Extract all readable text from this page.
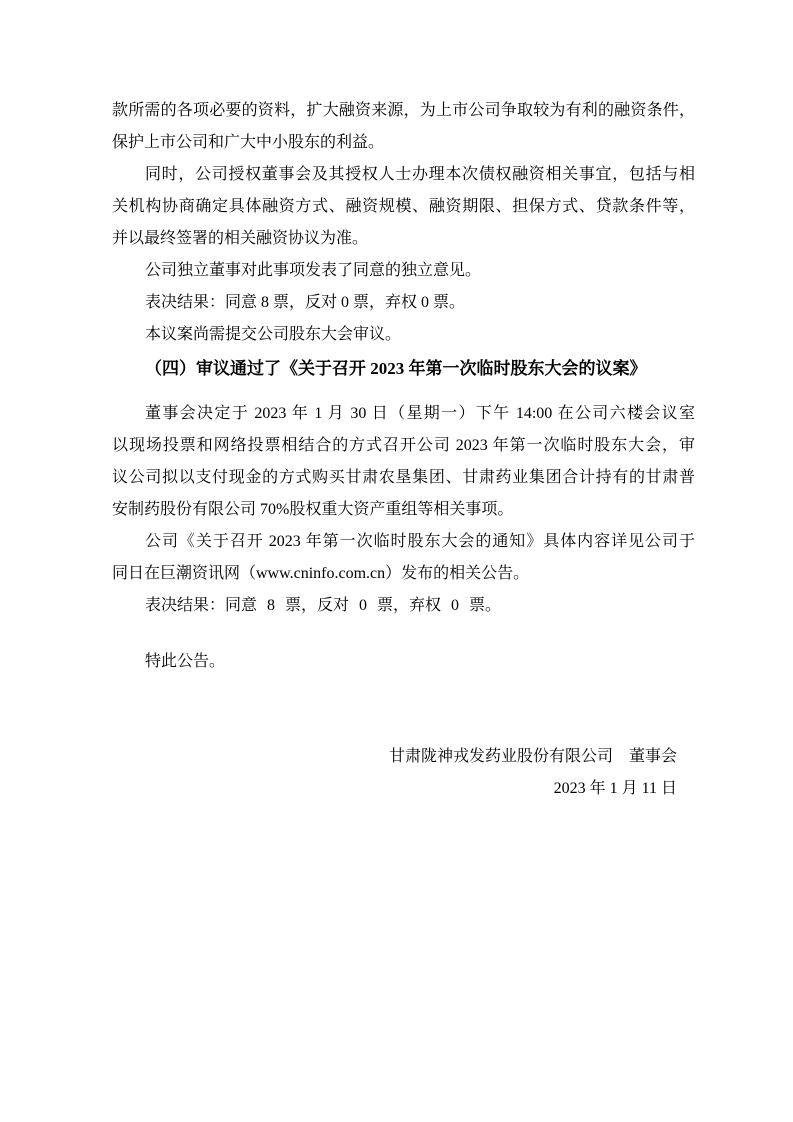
款所需的各项必要的资料，扩大融资来源，为上市公司争取较为有利的融资条件，
保护上市公司和广大中小股东的利益。
同时，公司授权董事会及其授权人士办理本次债权融资相关事宜，包括与相
关机构协商确定具体融资方式、融资规模、融资期限、担保方式、贷款条件等，
并以最终签署的相关融资协议为准。
公司独立董事对此事项发表了同意的独立意见。
表决结果：同意 8 票，反对 0 票，弃权 0 票。
本议案尚需提交公司股东大会审议。
（四）审议通过了《关于召开 2023 年第一次临时股东大会的议案》
董事会决定于 2023 年 1 月 30 日（星期一）下午 14:00 在公司六楼会议室
以现场投票和网络投票相结合的方式召开公司 2023 年第一次临时股东大会，审
议公司拟以支付现金的方式购买甘肃农垦集团、甘肃药业集团合计持有的甘肃普
安制药股份有限公司 70%股权重大资产重组等相关事项。
公司《关于召开 2023 年第一次临时股东大会的通知》具体内容详见公司于
同日在巨潮资讯网（www.cninfo.com.cn）发布的相关公告。
表决结果：同意 8 票，反对 0 票，弃权 0 票。
特此公告。
甘肃陇神戎发药业股份有限公司　董事会
2023 年 1 月 11 日
